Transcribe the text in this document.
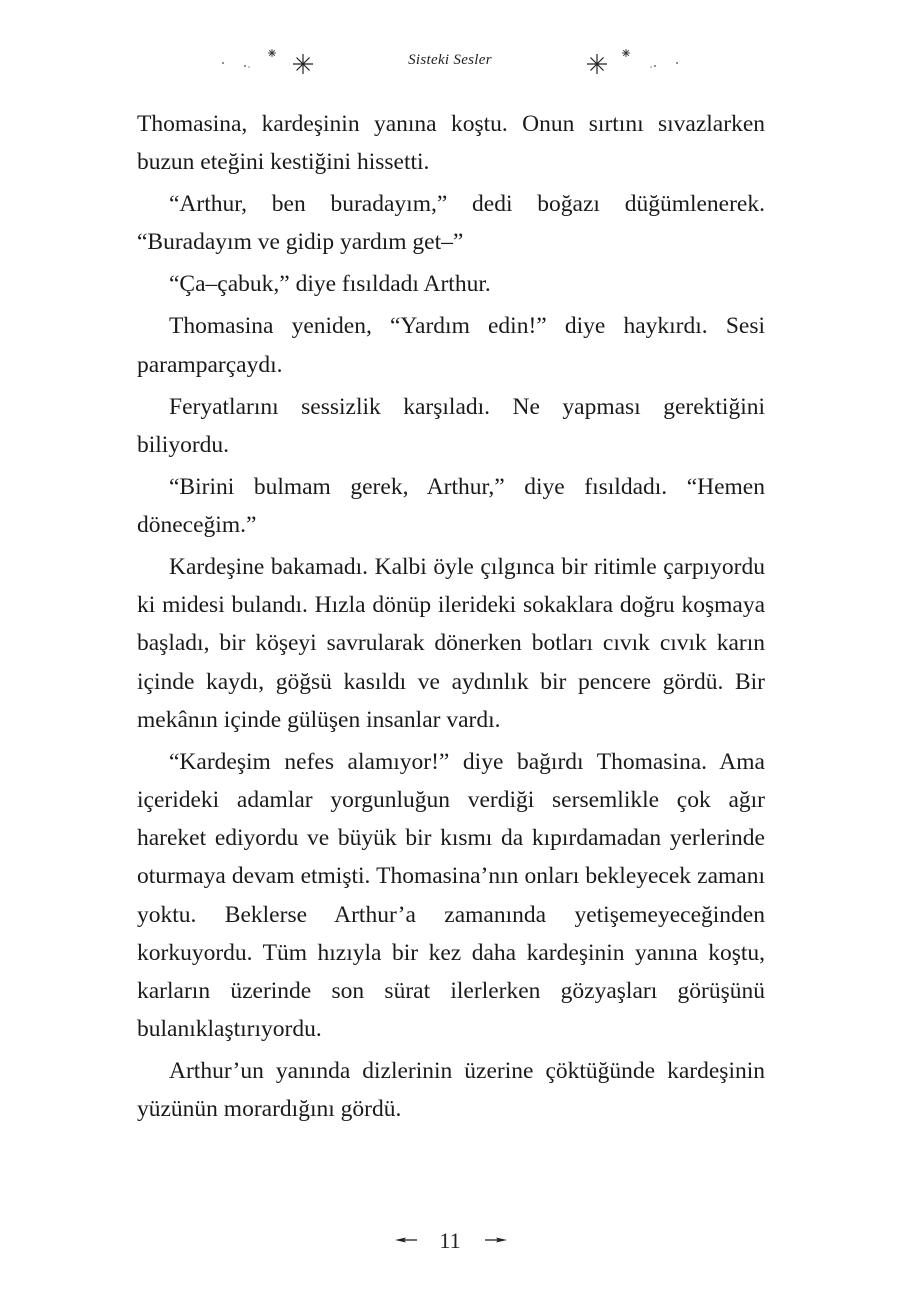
Sisteki Sesler

Thomasina, kardeşinin yanına koştu. Onun sırtını sıvazlarken buzun eteğini kestiğini hissetti.

“Arthur, ben buradayım,” dedi boğazı düğümlenerek. “Buradayım ve gidip yardım get–”

“Ça–çabuk,” diye fısıldadı Arthur.

Thomasina yeniden, “Yardım edin!” diye haykırdı. Sesi paramparçaydı.

Feryatlarını sessizlik karşıladı. Ne yapması gerektiğini biliyordu.

“Birini bulmam gerek, Arthur,” diye fısıldadı. “Hemen döneceğim.”

Kardeşine bakamadı. Kalbi öyle çılgınca bir ritimle çarpıyordu ki midesi bulandı. Hızla dönüp ilerideki sokaklara doğru koşmaya başladı, bir köşeyi savrularak dönerken botları cıvık cıvık karın içinde kaydı, göğsü kasıldı ve aydınlık bir pencere gördü. Bir mekânın içinde gülüşen insanlar vardı.

“Kardeşim nefes alamıyor!” diye bağırdı Thomasina. Ama içerideki adamlar yorgunluğun verdiği sersemlikle çok ağır hareket ediyordu ve büyük bir kısmı da kıpırdamadan yerlerinde oturmaya devam etmişti. Thomasina’nın onları bekleyecek zamanı yoktu. Beklerse Arthur’a zamanında yetişemeyeceğinden korkuyordu. Tüm hızıyla bir kez daha kardeşinin yanına koştu, karların üzerinde son sürat ilerlerken gözyaşları görüşünü bulanıklaştırıyordu.

Arthur’un yanında dizlerinin üzerine çöktüğünde kardeşinin yüzünün morardığını gördü.

11
